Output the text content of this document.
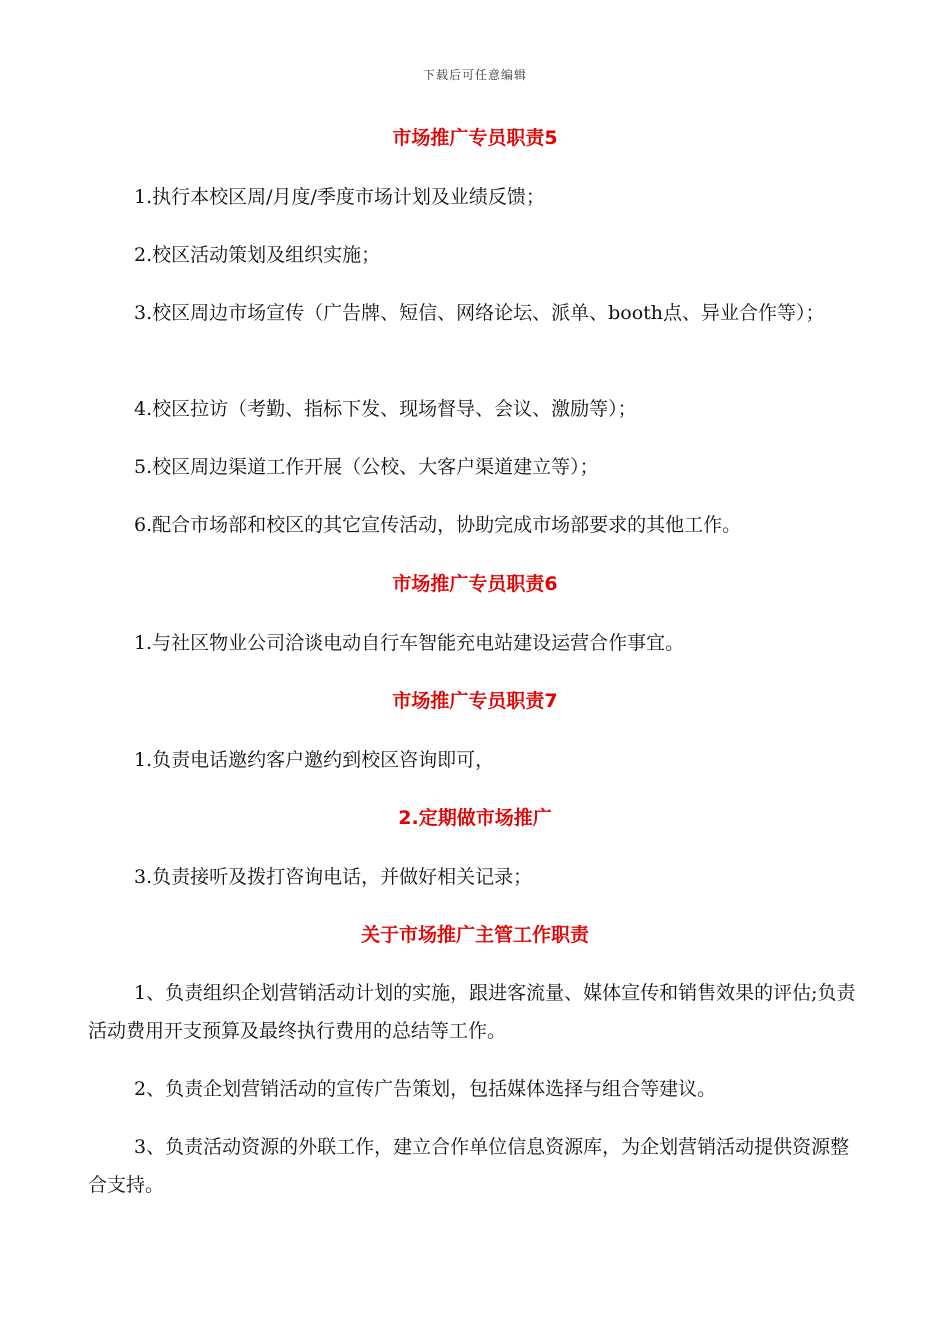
下载后可任意编辑
市场推广专员职责5
1.执行本校区周/月度/季度市场计划及业绩反馈；
2.校区活动策划及组织实施；
3.校区周边市场宣传（广告牌、短信、网络论坛、派单、booth点、异业合作等）；
4.校区拉访（考勤、指标下发、现场督导、会议、激励等）；
5.校区周边渠道工作开展（公校、大客户渠道建立等）；
6.配合市场部和校区的其它宣传活动，协助完成市场部要求的其他工作。
市场推广专员职责6
1.与社区物业公司洽谈电动自行车智能充电站建设运营合作事宜。
市场推广专员职责7
1.负责电话邀约客户邀约到校区咨询即可，
2.定期做市场推广
3.负责接听及拨打咨询电话，并做好相关记录；
关于市场推广主管工作职责
1、负责组织企划营销活动计划的实施，跟进客流量、媒体宣传和销售效果的评估;负责活动费用开支预算及最终执行费用的总结等工作。
2、负责企划营销活动的宣传广告策划，包括媒体选择与组合等建议。
3、负责活动资源的外联工作，建立合作单位信息资源库，为企划营销活动提供资源整合支持。
